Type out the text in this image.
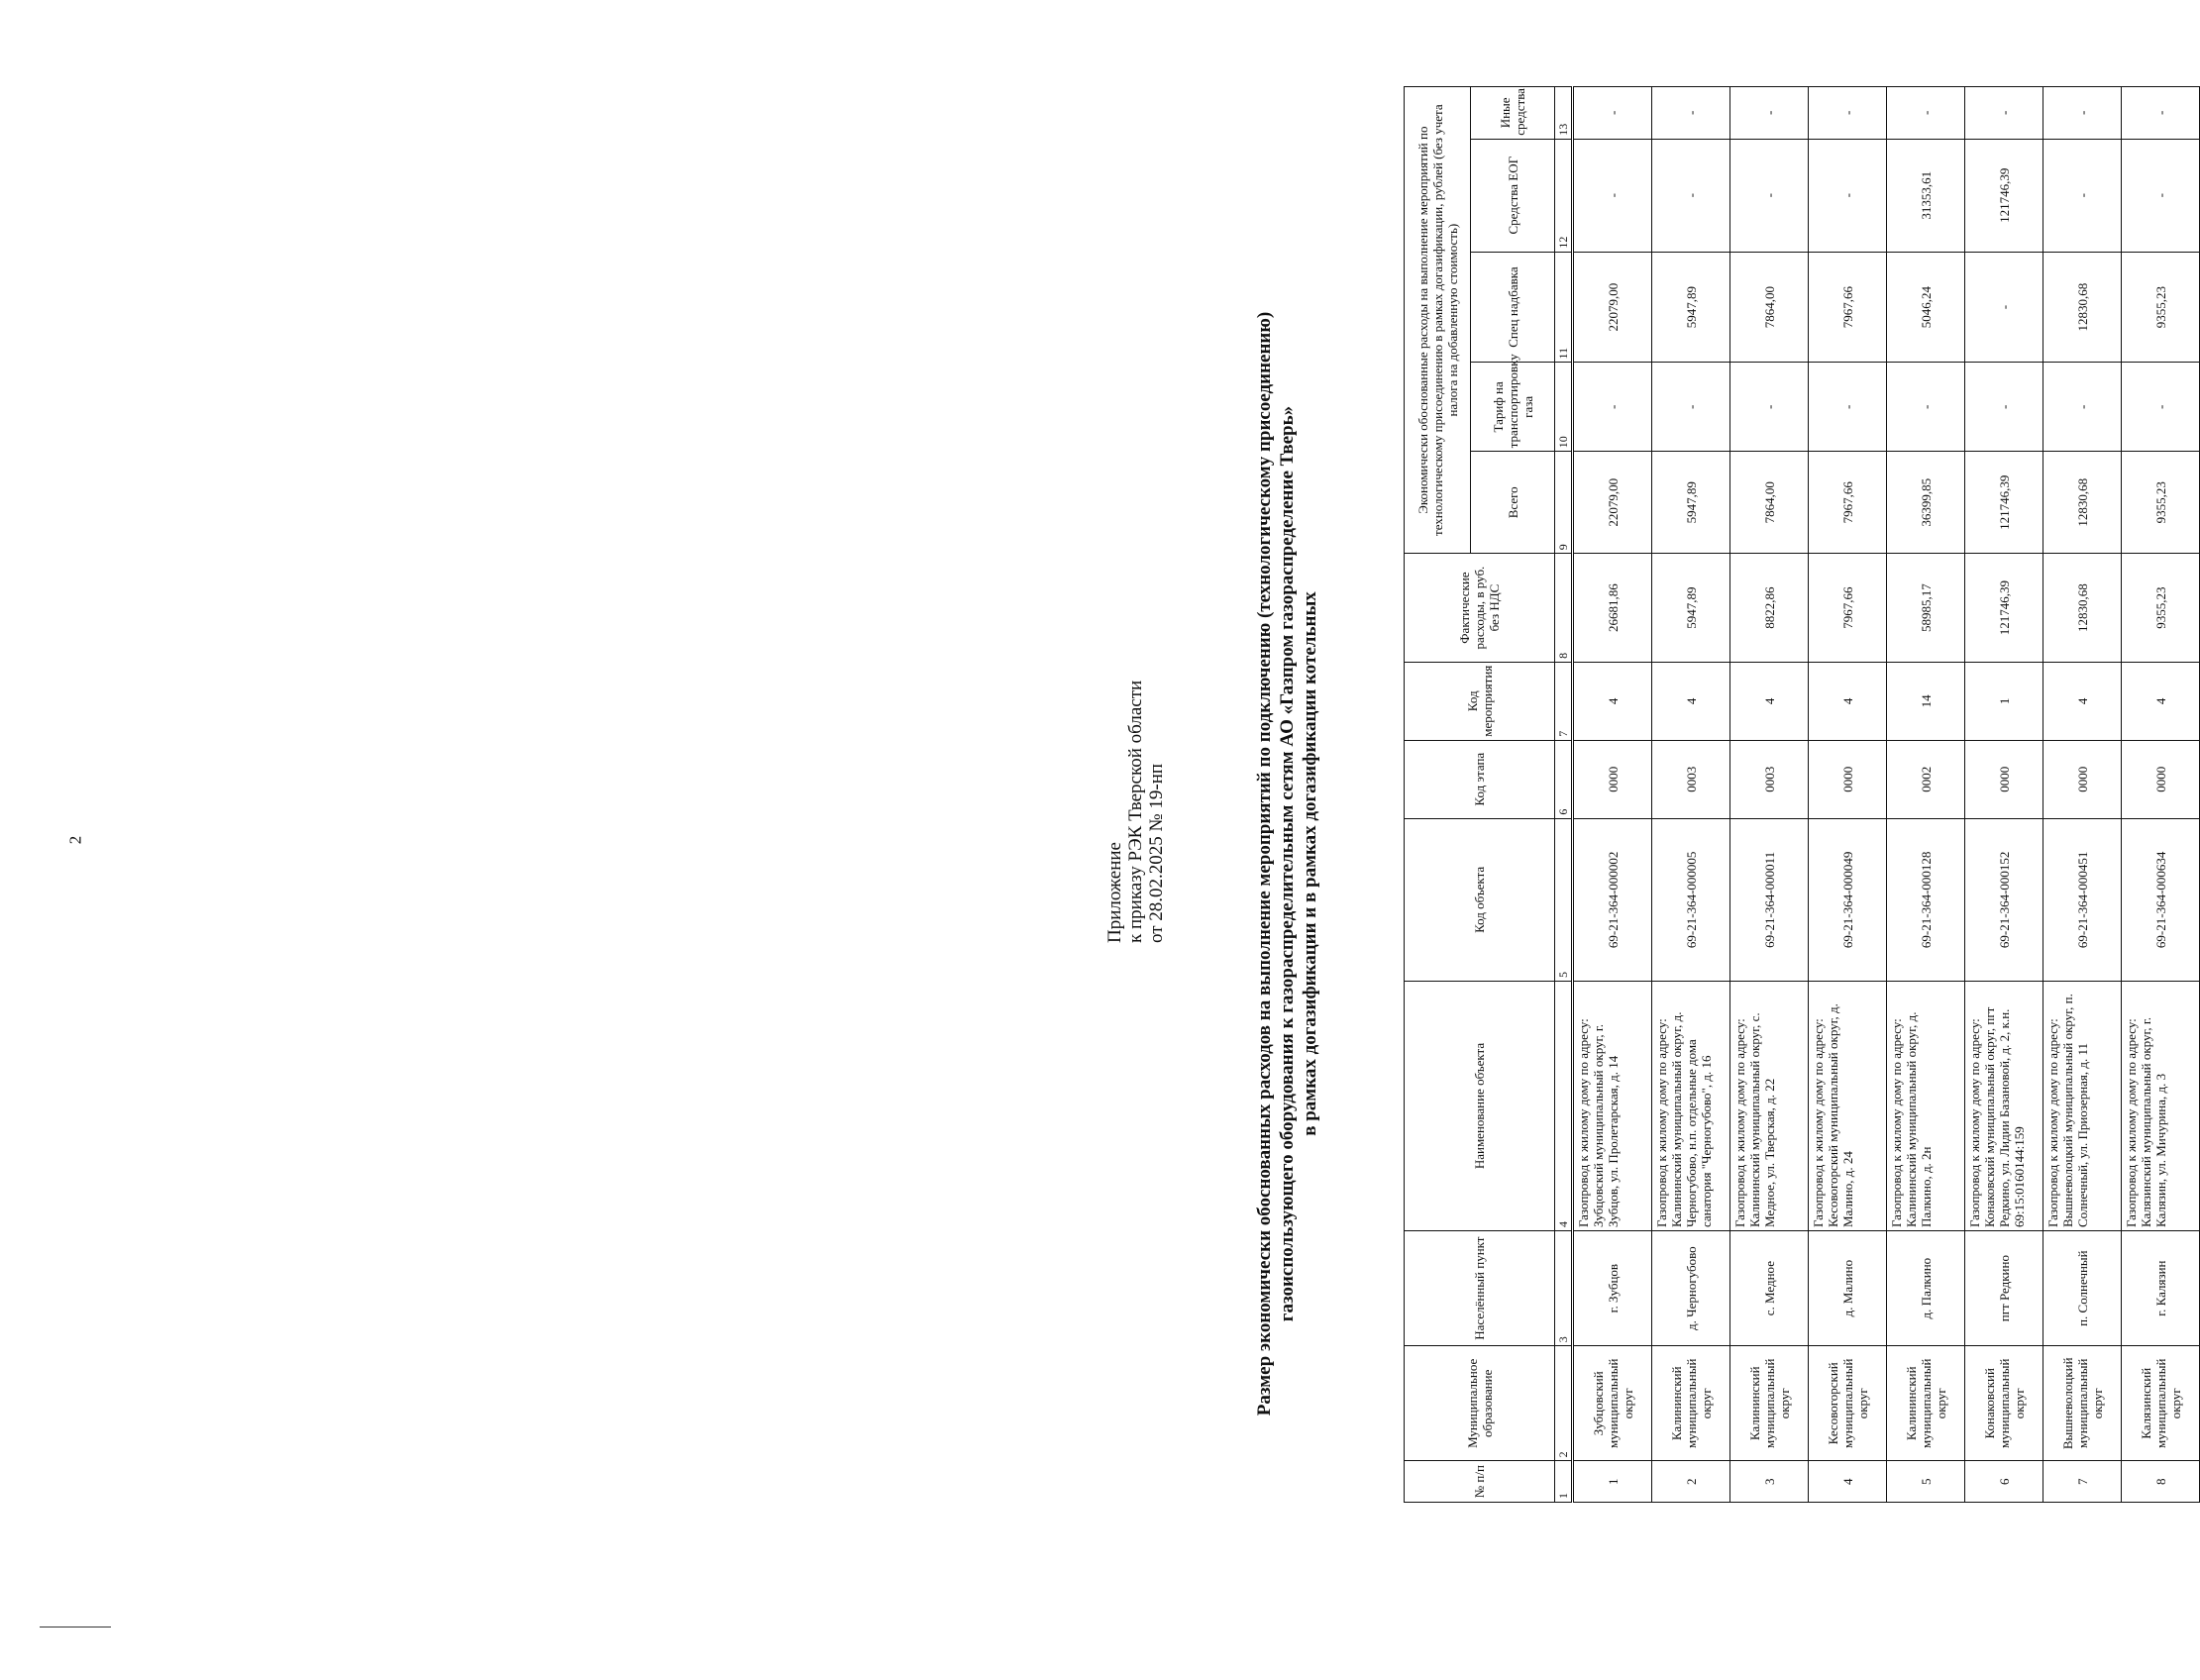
2
Приложение к приказу РЭК Тверской области от 28.02.2025 № 19-нп	Размер экономически обоснованных расходов на выполнение мероприятий по подключению (технологическому присоединению) газоиспользующего оборудования к газораспределительным сетям АО «Газпром газораспределение Тверь» в рамках догазификации и в рамках догазификации котельных
№ п/п	Муниципальное образование	Населённый пункт	Наименование объекта	Код объекта	Код этапа	Код мероприятия	Фактические расходы, в руб. без НДС	Экономически обоснованные расходы на выполнение мероприятий по технологическому присоединению в рамках догазификации, рублей (без учета налога на добавленную стоимость)				
								Всего	Тариф на транспортировку газа	Спец надбавка	Средства ЕОГ	Иные средства
1	2	3	4	5	6	7	8	9	10	11	12	13
1	Зубцовский муниципальный округ	г. Зубцов	Газопровод к жилому дому по адресу: Зубцовский муниципальный округ, г. Зубцов, ул. Пролетарская, д. 14	69-21-364-000002	0000	4	26681,86	22079,00	-	22079,00	-	-
2	Калининский муниципальный округ	д. Черногубово	Газопровод к жилому дому по адресу: Калининский муниципальный округ, д. Черногубово, н.п. отдельные дома санатория "Черногубово", д. 16	69-21-364-000005	0003	4	5947,89	5947,89	-	5947,89	-	-
3	Калининский муниципальный округ	с. Медное	Газопровод к жилому дому по адресу: Калининский муниципальный округ, с. Медное, ул. Тверская, д. 22	69-21-364-000011	0003	4	8822,86	7864,00	-	7864,00	-	-
4	Кесовогорский муниципальный округ	д. Малино	Газопровод к жилому дому по адресу: Кесовогорский муниципальный округ, д. Малино, д. 24	69-21-364-000049	0000	4	7967,66	7967,66	-	7967,66	-	-
5	Калининский муниципальный округ	д. Палкино	Газопровод к жилому дому по адресу: Калининский муниципальный округ, д. Палкино, д. 2н	69-21-364-000128	0002	14	58985,17	36399,85	-	5046,24	31353,61	-
6	Конаковский муниципальный округ	пгт Редкино	Газопровод к жилому дому по адресу: Конаковский муниципальный округ, пгт Редкино, ул. Лидии Базановой, д. 2, к.н. 69:15:0160144:159	69-21-364-000152	0000	1	121746,39	121746,39	-	-	121746,39	-
7	Вышневолоцкий муниципальный округ	п. Солнечный	Газопровод к жилому дому по адресу: Вышневолоцкий муниципальный округ, п. Солнечный, ул. Приозерная, д. 11	69-21-364-000451	0000	4	12830,68	12830,68	-	12830,68	-	-
8	Калязинский муниципальный округ	г. Калязин	Газопровод к жилому дому по адресу: Калязинский муниципальный округ, г. Калязин, ул. Мичурина, д. 3	69-21-364-000634	0000	4	9355,23	9355,23	-	9355,23	-	-
